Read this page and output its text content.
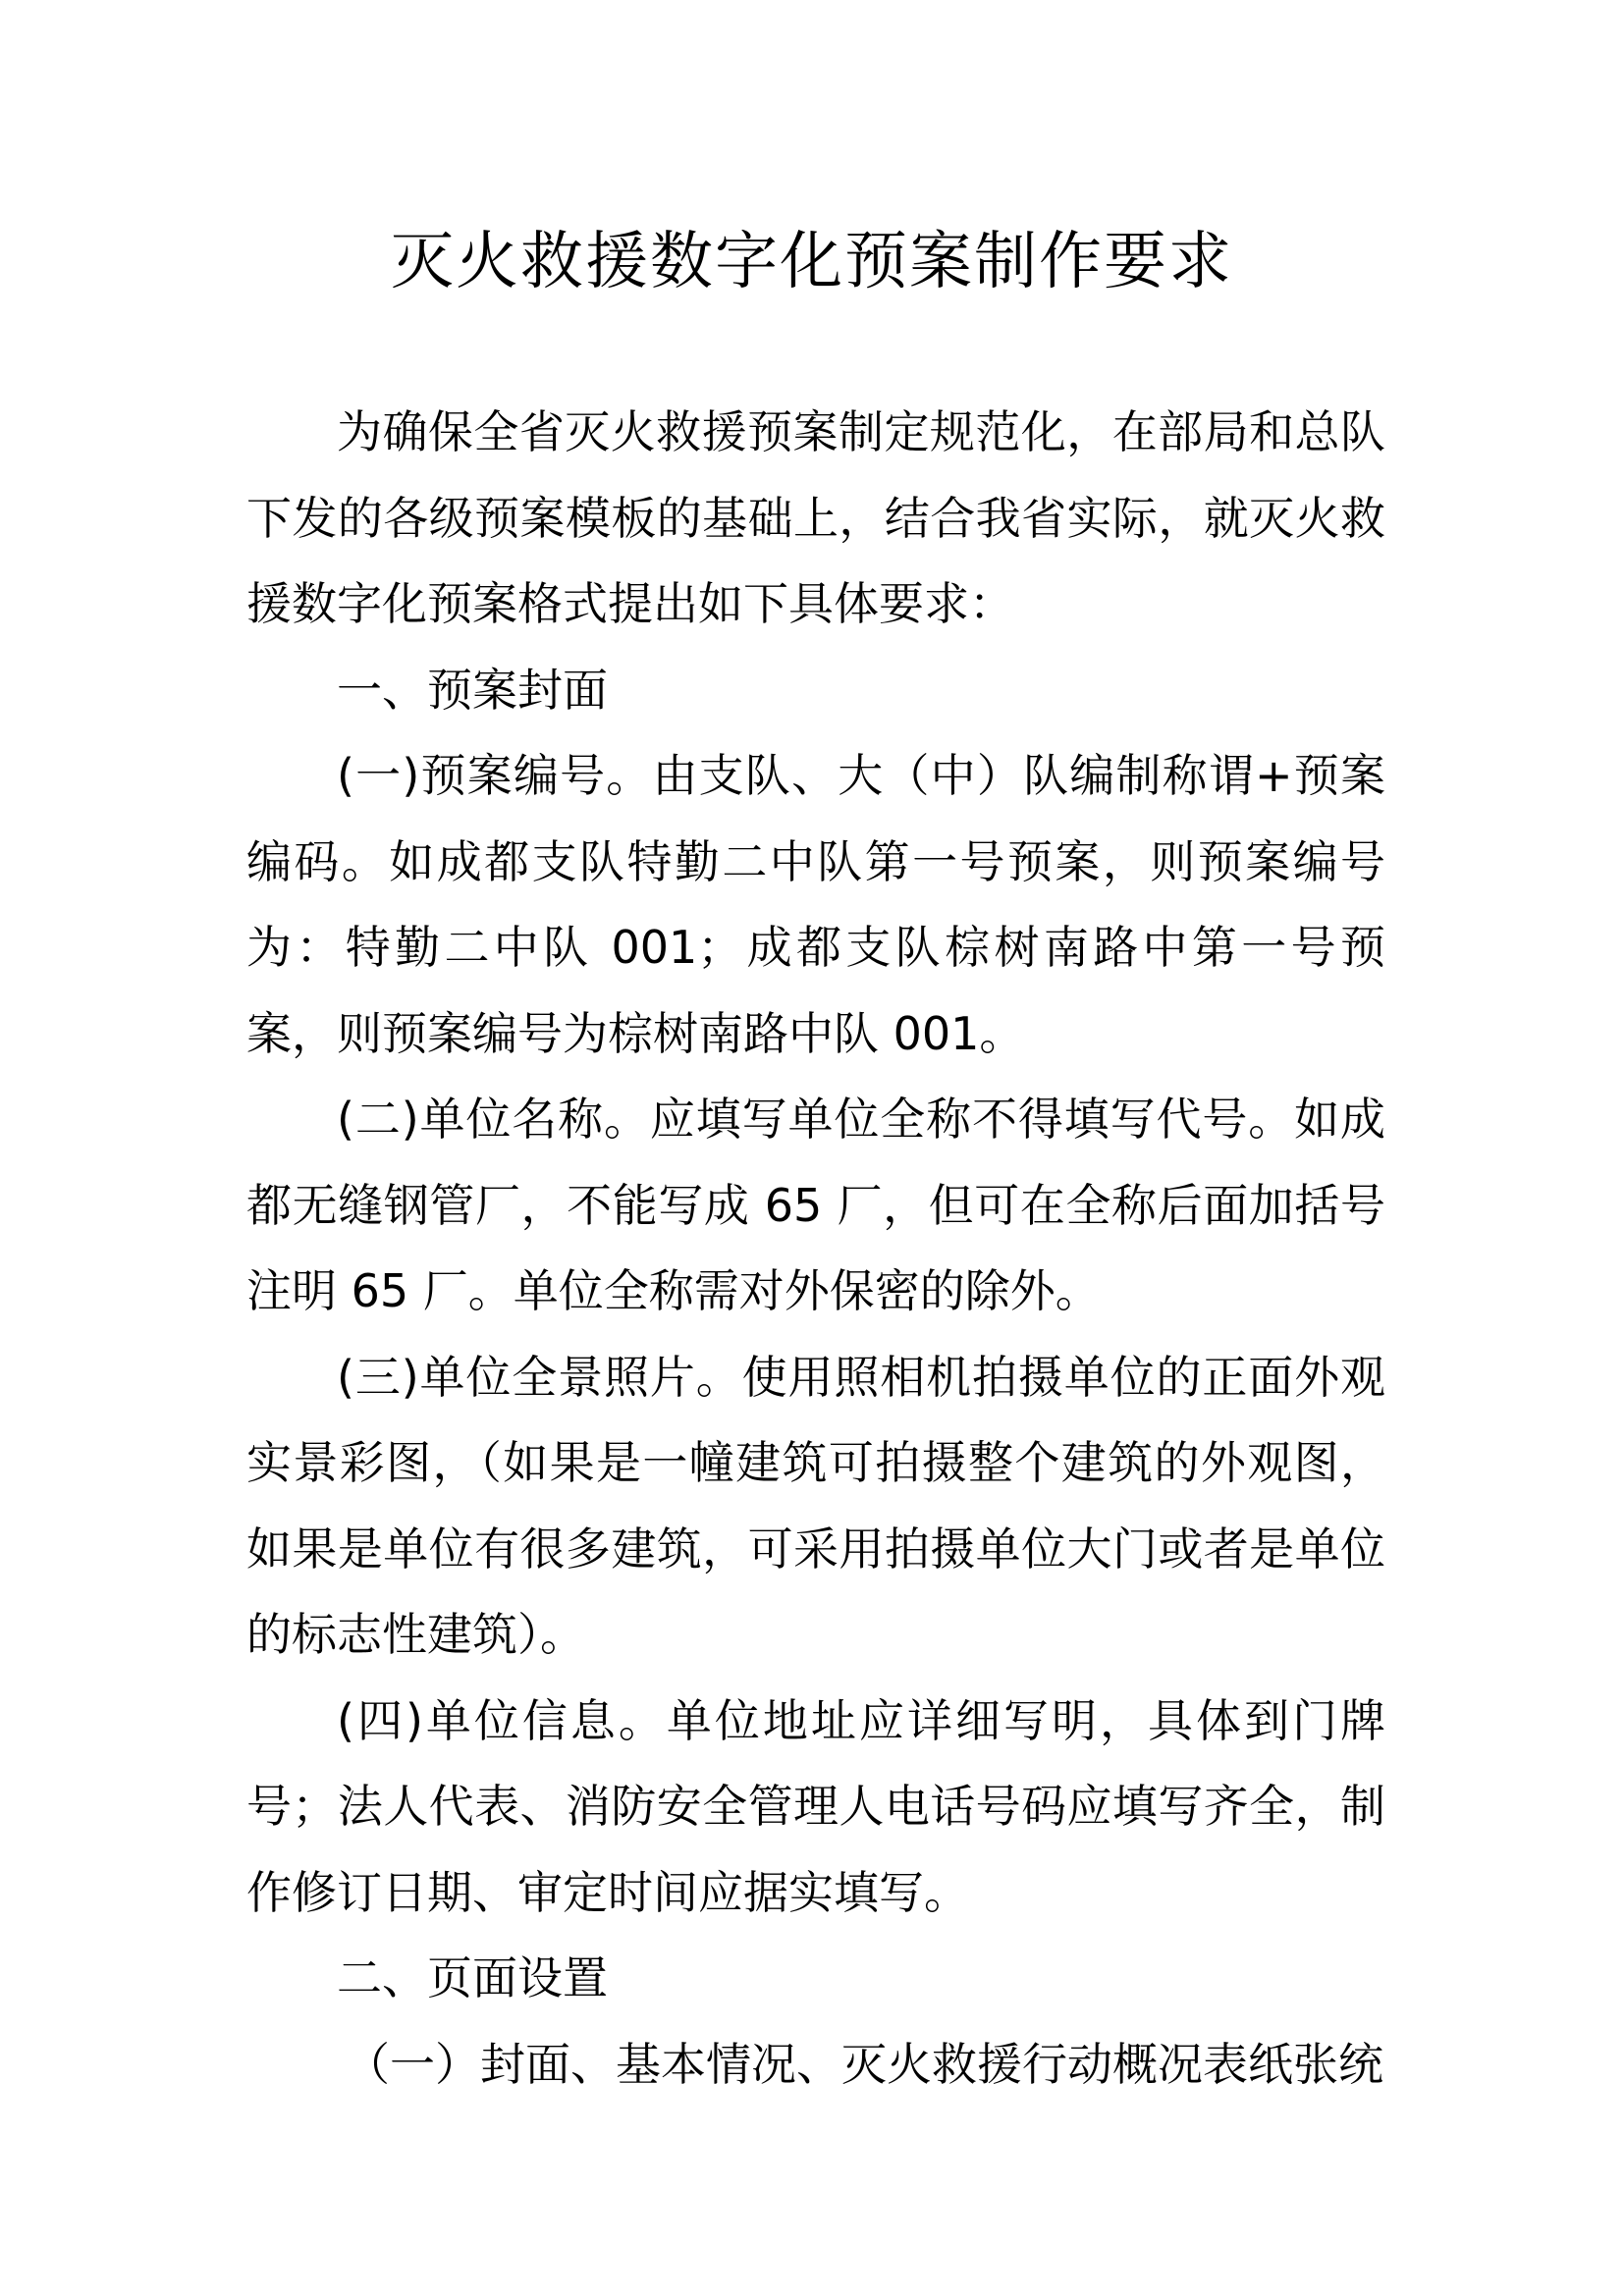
灭火救援数字化预案制作要求

为确保全省灭火救援预案制定规范化，在部局和总队下发的各级预案模板的基础上，结合我省实际，就灭火救援数字化预案格式提出如下具体要求：

一、预案封面

(一)预案编号。由支队、大（中）队编制称谓+预案编码。如成都支队特勤二中队第一号预案，则预案编号为：特勤二中队 001；成都支队棕树南路中第一号预案，则预案编号为棕树南路中队 001。

(二)单位名称。应填写单位全称不得填写代号。如成都无缝钢管厂，不能写成 65 厂，但可在全称后面加括号注明 65 厂。单位全称需对外保密的除外。

(三)单位全景照片。使用照相机拍摄单位的正面外观实景彩图，（如果是一幢建筑可拍摄整个建筑的外观图，如果是单位有很多建筑，可采用拍摄单位大门或者是单位的标志性建筑）。

(四)单位信息。单位地址应详细写明，具体到门牌号；法人代表、消防安全管理人电话号码应填写齐全，制作修订日期、审定时间应据实填写。

二、页面设置

（一）封面、基本情况、灭火救援行动概况表纸张统
